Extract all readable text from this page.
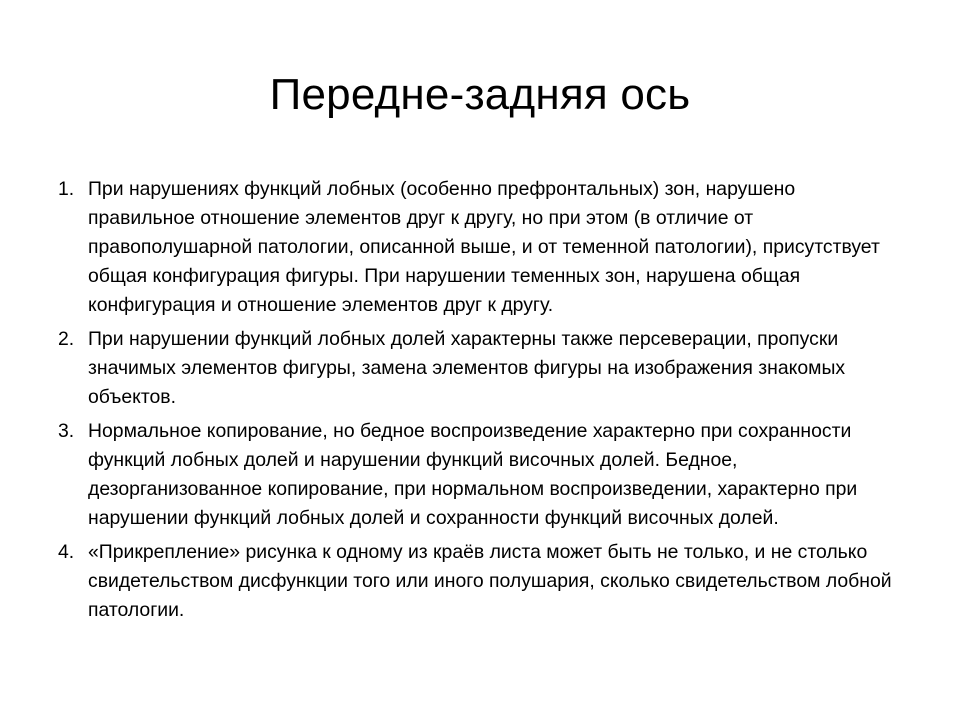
Передне-задняя ось
1. При нарушениях функций лобных (особенно префронтальных) зон, нарушено правильное отношение элементов друг к другу, но при этом (в отличие от правополушарной патологии, описанной выше, и от теменной патологии), присутствует общая конфигурация фигуры. При нарушении теменных зон, нарушена общая конфигурация и отношение элементов друг к другу.
2. При нарушении функций лобных долей характерны также персеверации, пропуски значимых элементов фигуры, замена элементов фигуры на изображения знакомых объектов.
3. Нормальное копирование, но бедное воспроизведение характерно при сохранности функций лобных долей и нарушении функций височных долей. Бедное, дезорганизованное копирование, при нормальном воспроизведении, характерно при нарушении функций лобных долей и сохранности функций височных долей.
4. «Прикрепление» рисунка к одному из краёв листа может быть не только, и не столько свидетельством дисфункции того или иного полушария, сколько свидетельством лобной патологии.
